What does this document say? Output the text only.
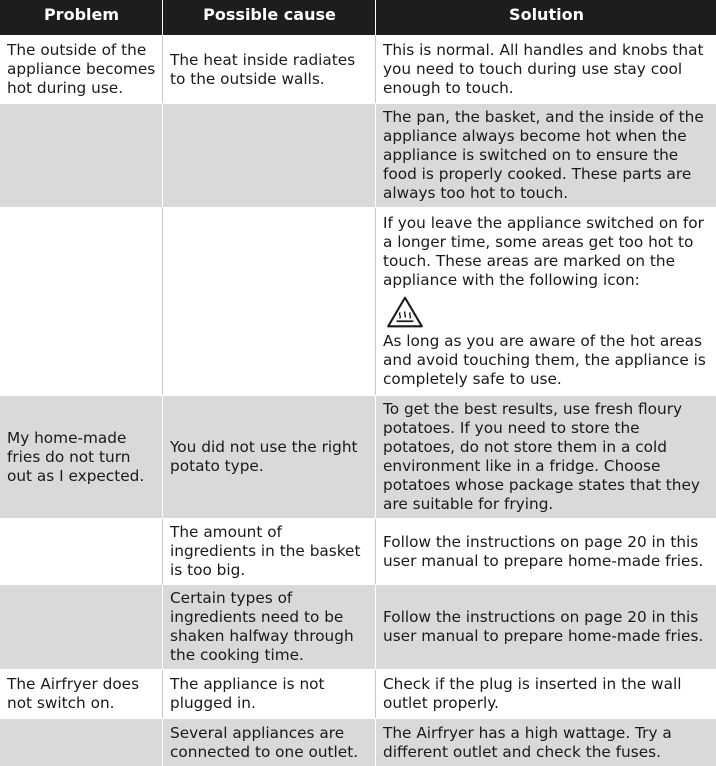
Problem	Possible cause	Solution
The outside of the appliance becomes hot during use.
The heat inside radiates to the outside walls.
This is normal. All handles and knobs that you need to touch during use stay cool enough to touch.
The pan, the basket, and the inside of the appliance always become hot when the appliance is switched on to ensure the food is properly cooked. These parts are always too hot to touch.
If you leave the appliance switched on for a longer time, some areas get too hot to touch. These areas are marked on the appliance with the following icon:
As long as you are aware of the hot areas and avoid touching them, the appliance is completely safe to use.
My home-made fries do not turn out as I expected.
You did not use the right potato type.
To get the best results, use fresh floury potatoes. If you need to store the potatoes, do not store them in a cold environment like in a fridge. Choose potatoes whose package states that they are suitable for frying.
The amount of ingredients in the basket is too big.
Follow the instructions on page 20 in this user manual to prepare home-made fries.
Certain types of ingredients need to be shaken halfway through the cooking time.
Follow the instructions on page 20 in this user manual to prepare home-made fries.
The Airfryer does not switch on.
The appliance is not plugged in.
Check if the plug is inserted in the wall outlet properly.
Several appliances are connected to one outlet.
The Airfryer has a high wattage. Try a different outlet and check the fuses.
